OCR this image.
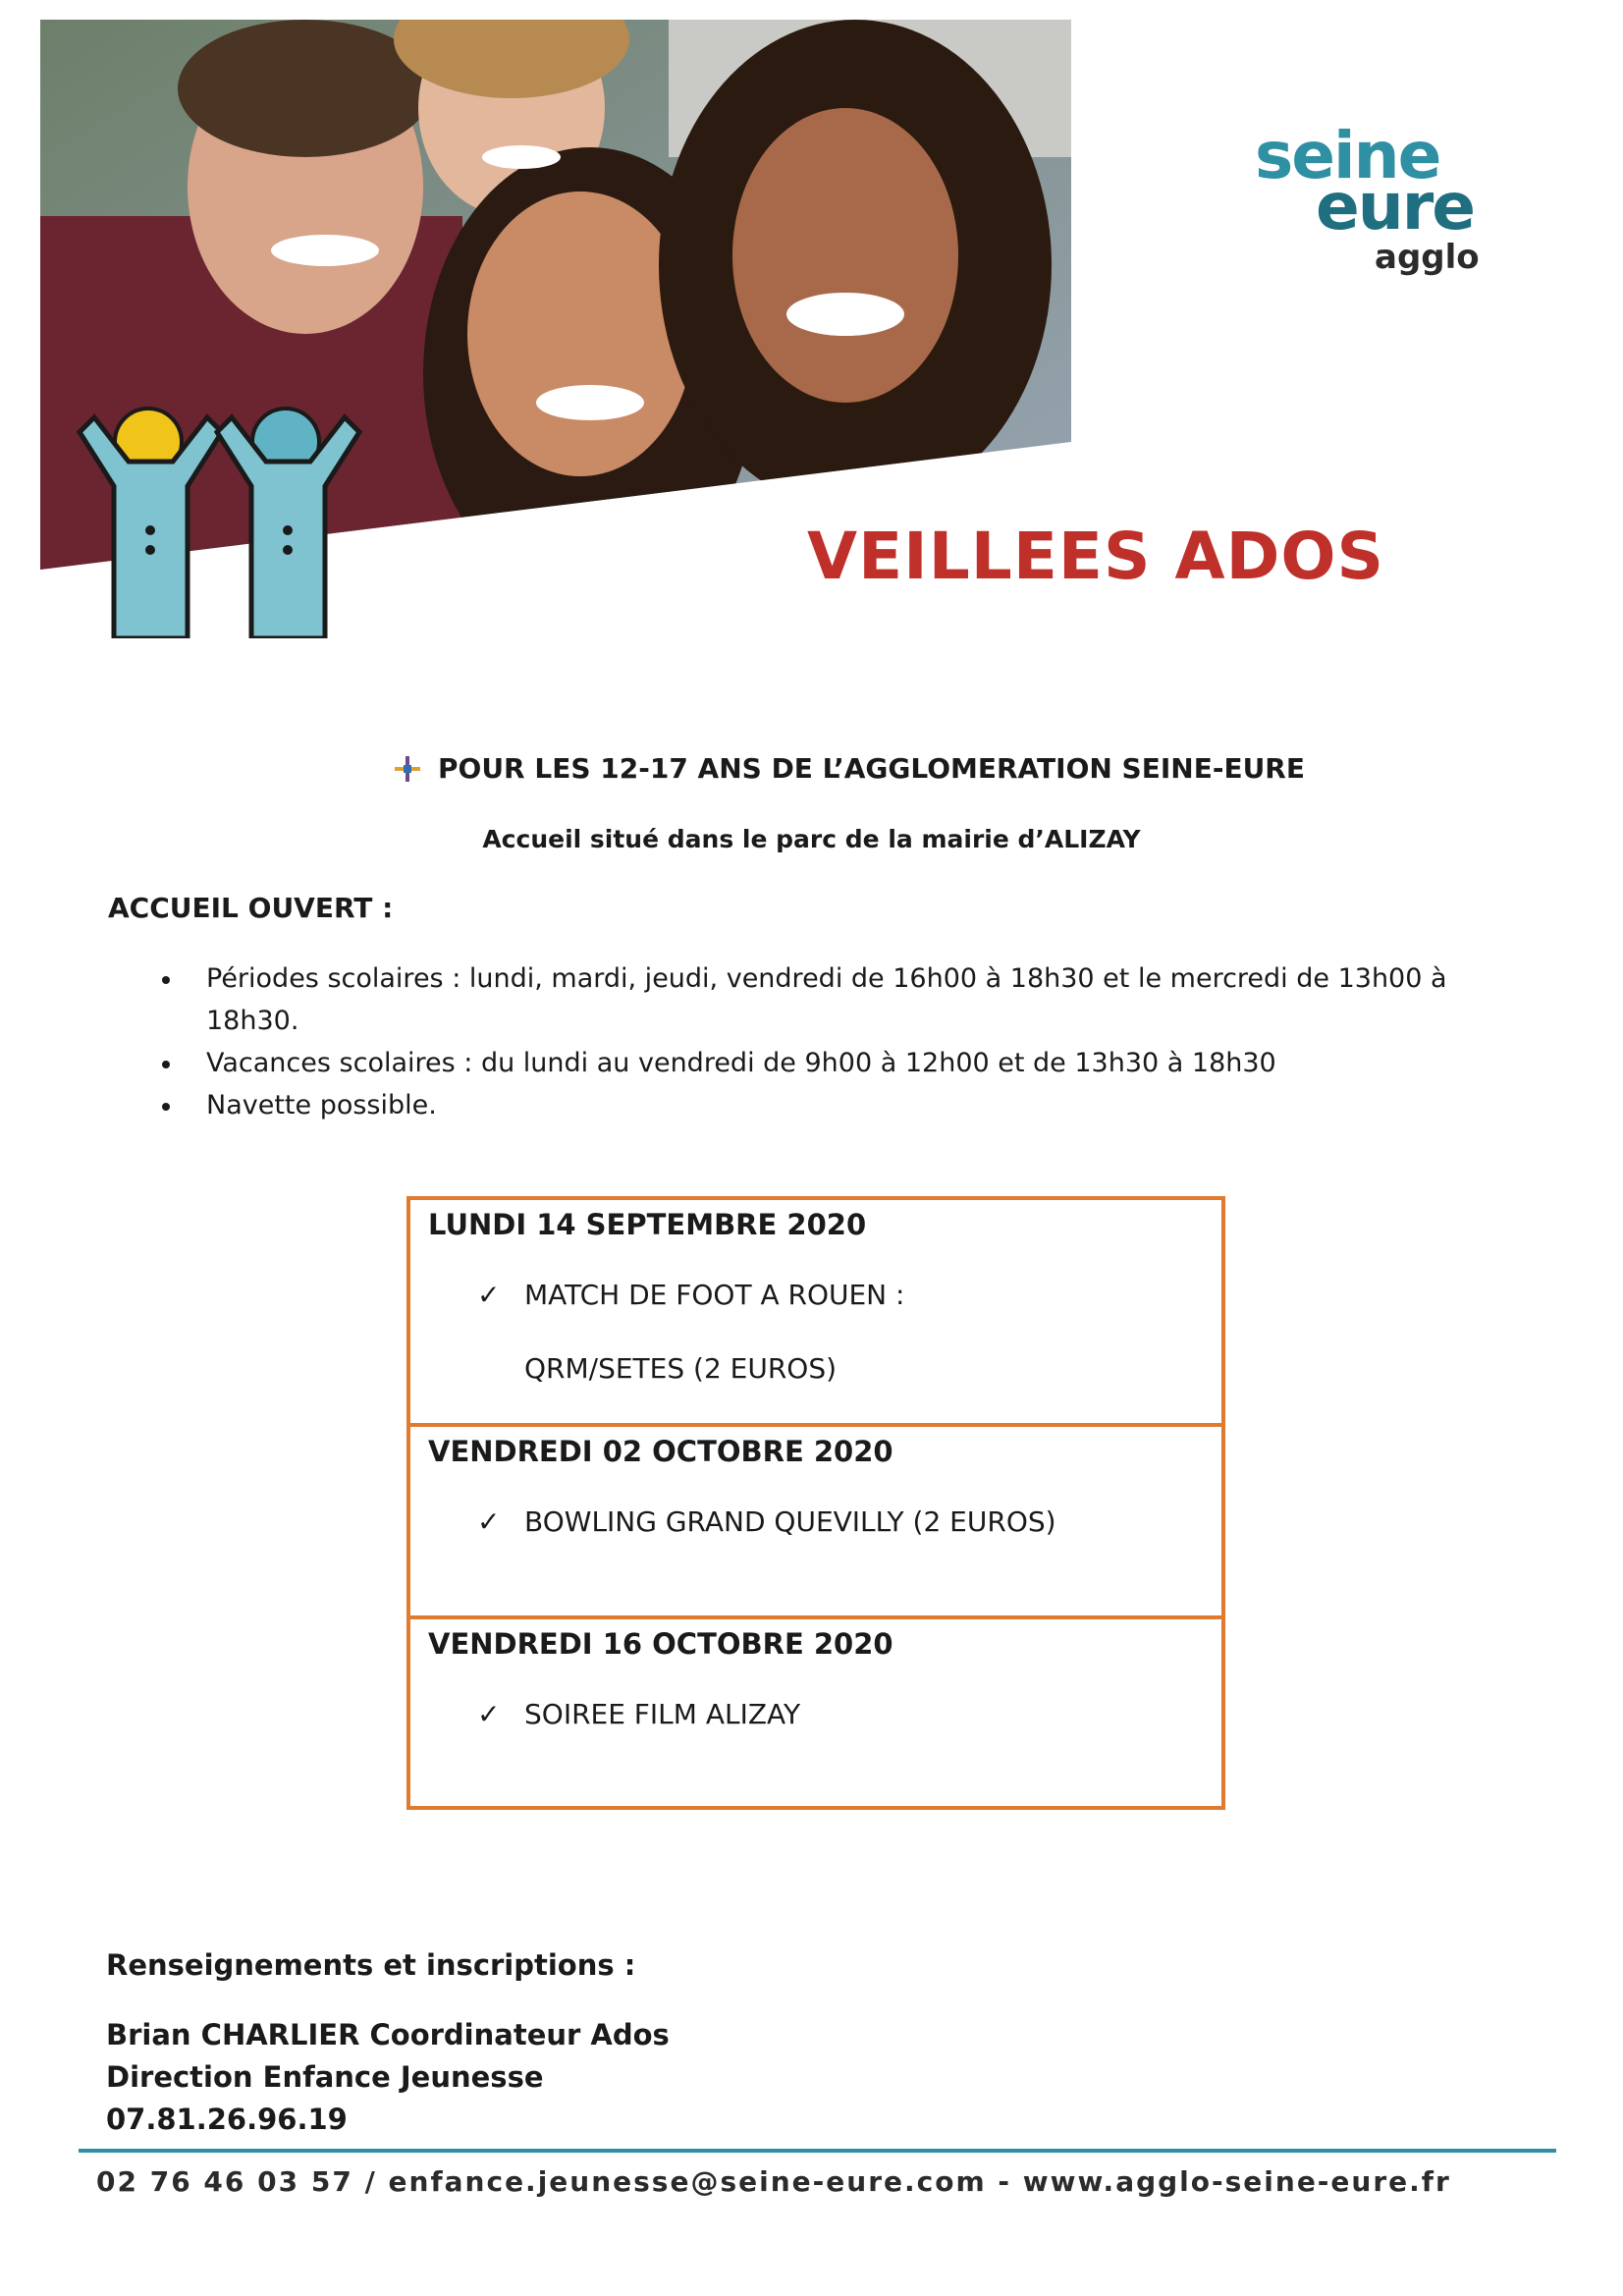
seine
eure
agglo
VEILLEES ADOS
POUR LES 12-17 ANS DE L’AGGLOMERATION SEINE-EURE
Accueil situé dans le parc de la mairie d’ALIZAY
ACCUEIL OUVERT :
Périodes scolaires : lundi, mardi, jeudi, vendredi de 16h00 à 18h30 et le mercredi de 13h00 à 18h30.
Vacances scolaires : du lundi au vendredi de 9h00 à 12h00 et de 13h30 à 18h30
Navette possible.
LUNDI 14 SEPTEMBRE 2020
✓ MATCH DE FOOT A ROUEN :
QRM/SETES (2 EUROS)
VENDREDI 02 OCTOBRE 2020
✓ BOWLING GRAND QUEVILLY (2 EUROS)
VENDREDI 16 OCTOBRE 2020
✓ SOIREE FILM ALIZAY
Renseignements et inscriptions :
Brian CHARLIER Coordinateur Ados
Direction Enfance Jeunesse
07.81.26.96.19
02 76 46 03 57 / enfance.jeunesse@seine-eure.com - www.agglo-seine-eure.fr
